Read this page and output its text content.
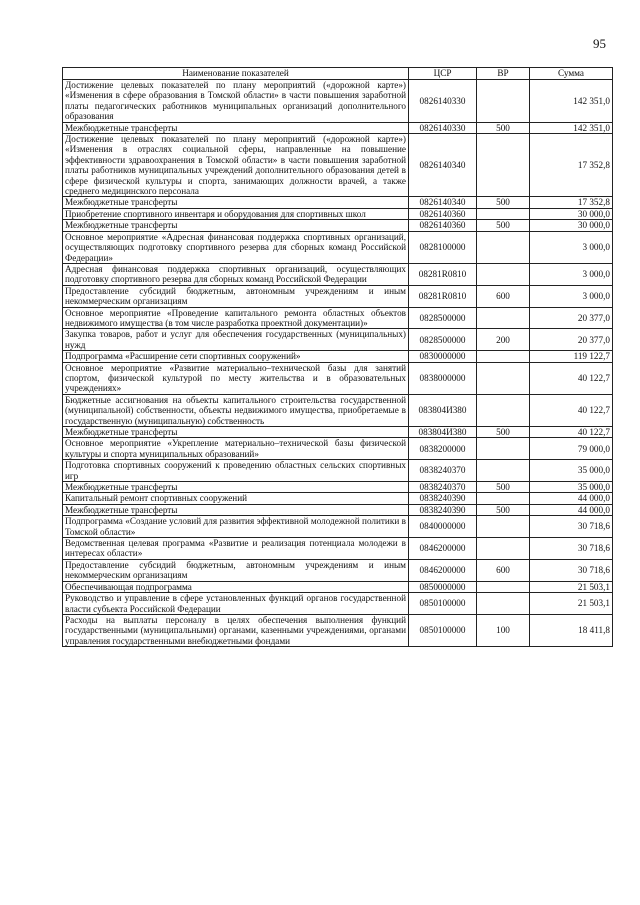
95
Наименование показателей	ЦСР	ВР	Сумма
Достижение целевых показателей по плану мероприятий («дорожной карте») «Изменения в сфере образования в Томской области» в части повышения заработной платы педагогических работников муниципальных организаций дополнительного образования	0826140330		142 351,0
Межбюджетные трансферты	0826140330	500	142 351,0
Достижение целевых показателей по плану мероприятий («дорожной карте») «Изменения в отраслях социальной сферы, направленные на повышение эффективности здравоохранения в Томской области» в части повышения заработной платы работников муниципальных учреждений дополнительного образования детей в сфере физической культуры и спорта, занимающих должности врачей, а также среднего медицинского персонала	0826140340		17 352,8
Межбюджетные трансферты	0826140340	500	17 352,8
Приобретение спортивного инвентаря и оборудования для спортивных школ	0826140360		30 000,0
Межбюджетные трансферты	0826140360	500	30 000,0
Основное мероприятие «Адресная финансовая поддержка спортивных организаций, осуществляющих подготовку спортивного резерва для сборных команд Российской Федерации»	0828100000		3 000,0
Адресная финансовая поддержка спортивных организаций, осуществляющих подготовку спортивного резерва для сборных команд Российской Федерации	08281R0810		3 000,0
Предоставление субсидий бюджетным, автономным учреждениям и иным некоммерческим организациям	08281R0810	600	3 000,0
Основное мероприятие «Проведение капитального ремонта областных объектов недвижимого имущества (в том числе разработка проектной документации)»	0828500000		20 377,0
Закупка товаров, работ и услуг для обеспечения государственных (муниципальных) нужд	0828500000	200	20 377,0
Подпрограмма «Расширение сети спортивных сооружений»	0830000000		119 122,7
Основное мероприятие «Развитие материально–технической базы для занятий спортом, физической культурой по месту жительства и в образовательных учреждениях»	0838000000		40 122,7
Бюджетные ассигнования на объекты капитального строительства государственной (муниципальной) собственности, объекты недвижимого имущества, приобретаемые в государственную (муниципальную) собственность	083804И380		40 122,7
Межбюджетные трансферты	083804И380	500	40 122,7
Основное мероприятие «Укрепление материально–технической базы физической культуры и спорта муниципальных образований»	0838200000		79 000,0
Подготовка спортивных сооружений к проведению областных сельских спортивных игр	0838240370		35 000,0
Межбюджетные трансферты	0838240370	500	35 000,0
Капитальный ремонт спортивных сооружений	0838240390		44 000,0
Межбюджетные трансферты	0838240390	500	44 000,0
Подпрограмма «Создание условий для развития эффективной молодежной политики в Томской области»	0840000000		30 718,6
Ведомственная целевая программа «Развитие и реализация потенциала молодежи в интересах области»	0846200000		30 718,6
Предоставление субсидий бюджетным, автономным учреждениям и иным некоммерческим организациям	0846200000	600	30 718,6
Обеспечивающая подпрограмма	0850000000		21 503,1
Руководство и управление в сфере установленных функций органов государственной власти субъекта Российской Федерации	0850100000		21 503,1
Расходы на выплаты персоналу в целях обеспечения выполнения функций государственными (муниципальными) органами, казенными учреждениями, органами управления государственными внебюджетными фондами	0850100000	100	18 411,8
